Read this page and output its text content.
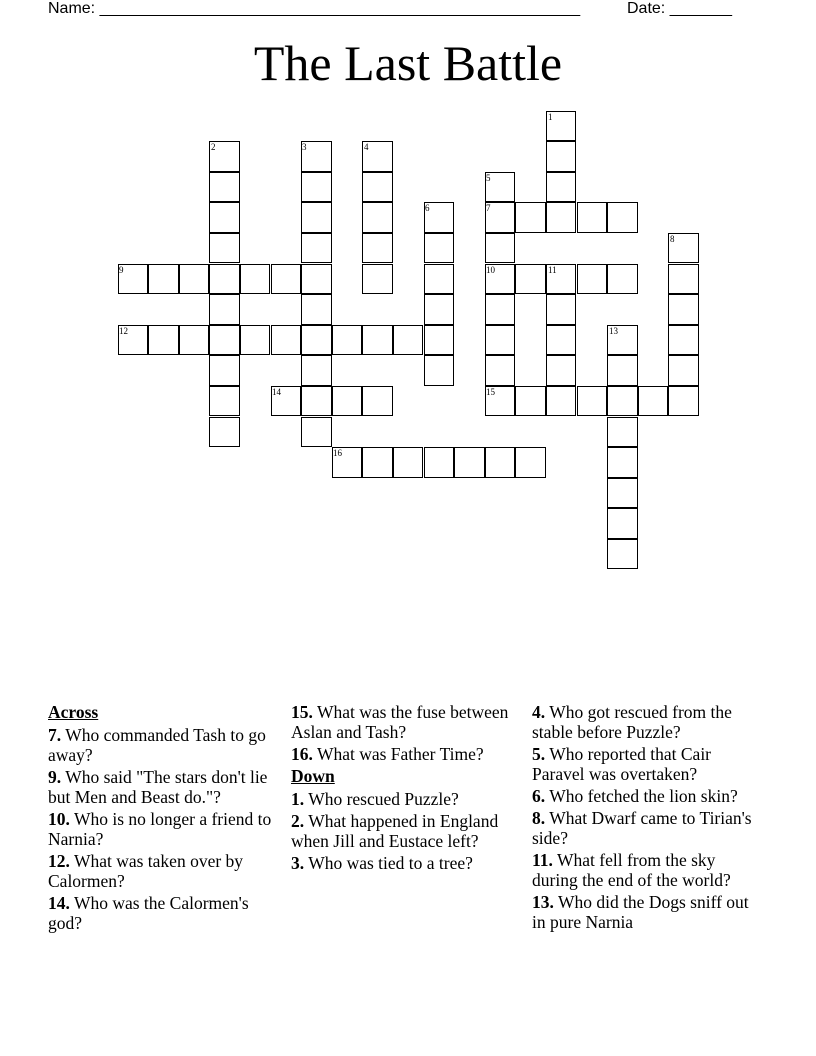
Name: ______________________________________________________	Date: _______
The Last Battle
1
2	3	4
5
6	7
8
9	10	11
12	13
14	15
16
Across
7. Who commanded Tash to go away?
9. Who said "The stars don't lie but Men and Beast do."?
10. Who is no longer a friend to Narnia?
12. What was taken over by Calormen?
14. Who was the Calormen's god?
15. What was the fuse between Aslan and Tash?
16. What was Father Time?
Down
1. Who rescued Puzzle?
2. What happened in England when Jill and Eustace left?
3. Who was tied to a tree?
4. Who got rescued from the stable before Puzzle?
5. Who reported that Cair Paravel was overtaken?
6. Who fetched the lion skin?
8. What Dwarf came to Tirian's side?
11. What fell from the sky during the end of the world?
13. Who did the Dogs sniff out in pure Narnia
